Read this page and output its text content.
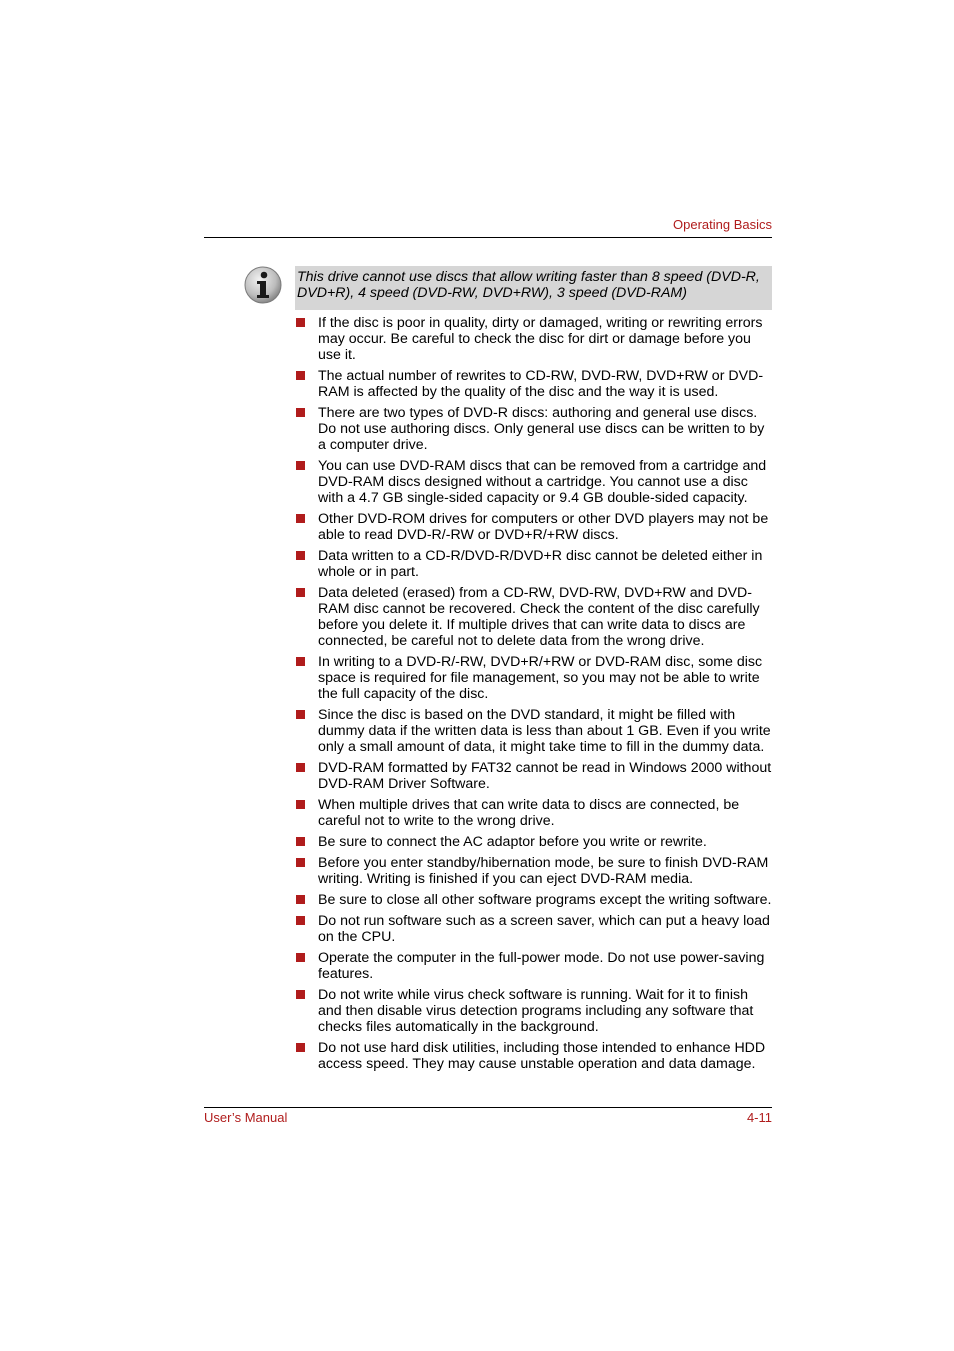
Operating Basics
This drive cannot use discs that allow writing faster than 8 speed (DVD-R, DVD+R), 4 speed (DVD-RW, DVD+RW), 3 speed (DVD-RAM)
If the disc is poor in quality, dirty or damaged, writing or rewriting errors may occur. Be careful to check the disc for dirt or damage before you use it.
The actual number of rewrites to CD-RW, DVD-RW, DVD+RW or DVD-RAM is affected by the quality of the disc and the way it is used.
There are two types of DVD-R discs: authoring and general use discs. Do not use authoring discs. Only general use discs can be written to by a computer drive.
You can use DVD-RAM discs that can be removed from a cartridge and DVD-RAM discs designed without a cartridge. You cannot use a disc with a 4.7 GB single-sided capacity or 9.4 GB double-sided capacity.
Other DVD-ROM drives for computers or other DVD players may not be able to read DVD-R/-RW or DVD+R/+RW discs.
Data written to a CD-R/DVD-R/DVD+R disc cannot be deleted either in whole or in part.
Data deleted (erased) from a CD-RW, DVD-RW, DVD+RW and DVD-RAM disc cannot be recovered. Check the content of the disc carefully before you delete it. If multiple drives that can write data to discs are connected, be careful not to delete data from the wrong drive.
In writing to a DVD-R/-RW, DVD+R/+RW or DVD-RAM disc, some disc space is required for file management, so you may not be able to write the full capacity of the disc.
Since the disc is based on the DVD standard, it might be filled with dummy data if the written data is less than about 1 GB. Even if you write only a small amount of data, it might take time to fill in the dummy data.
DVD-RAM formatted by FAT32 cannot be read in Windows 2000 without DVD-RAM Driver Software.
When multiple drives that can write data to discs are connected, be careful not to write to the wrong drive.
Be sure to connect the AC adaptor before you write or rewrite.
Before you enter standby/hibernation mode, be sure to finish DVD-RAM writing. Writing is finished if you can eject DVD-RAM media.
Be sure to close all other software programs except the writing software.
Do not run software such as a screen saver, which can put a heavy load on the CPU.
Operate the computer in the full-power mode. Do not use power-saving features.
Do not write while virus check software is running. Wait for it to finish and then disable virus detection programs including any software that checks files automatically in the background.
Do not use hard disk utilities, including those intended to enhance HDD access speed. They may cause unstable operation and data damage.
User’s Manual	4-11
